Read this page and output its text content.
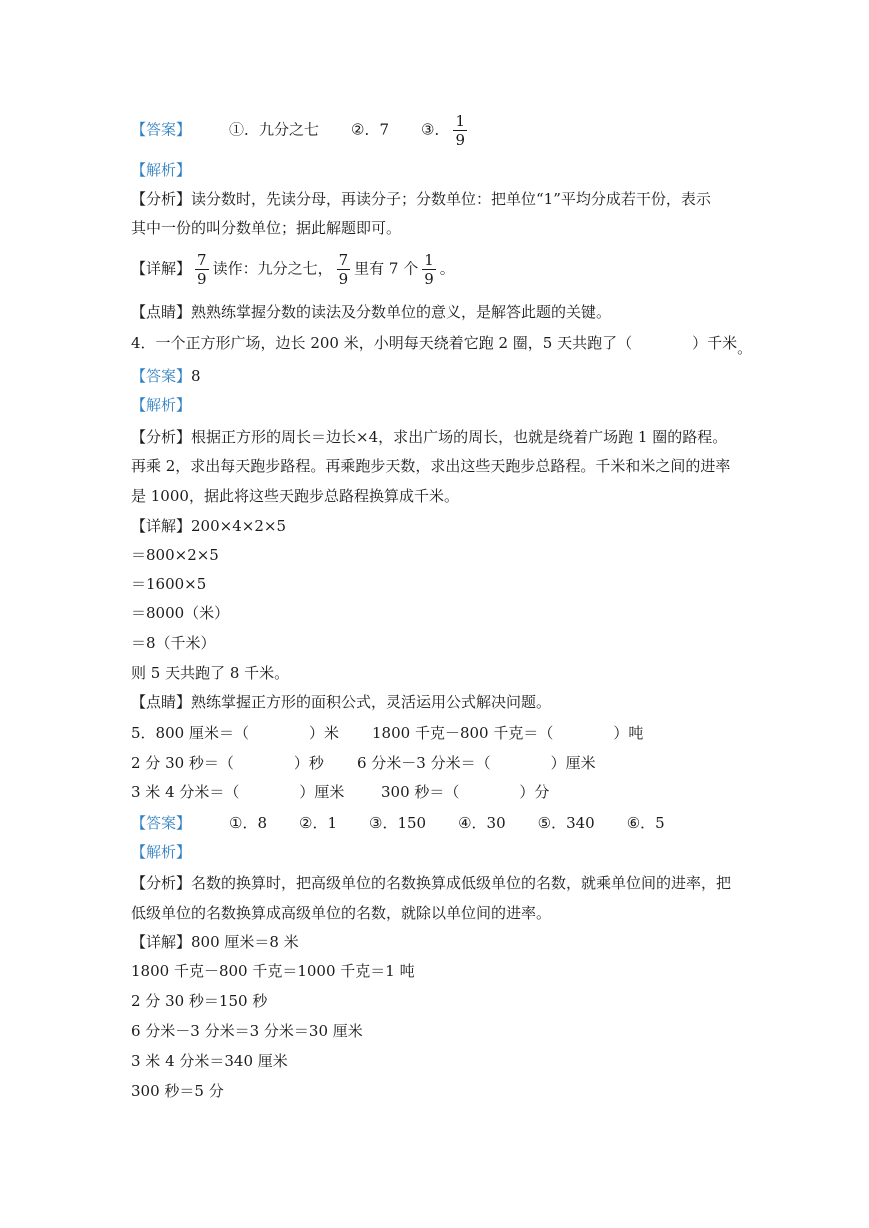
【答案】	①．九分之七 ②．7 ③． $\frac{1}{9}$
【解析】
【分析】读分数时，先读分母，再读分子；分数单位：把单位“1”平均分成若干份，表示
其中一份的叫分数单位；据此解题即可。
【详解】 $\frac{7}{9}$ 读作：九分之七， $\frac{7}{9}$ 里有 7 个 $\frac{1}{9}$ 。
【点睛】熟熟练掌握分数的读法及分数单位的意义，是解答此题的关键。
4．一个正方形广场，边长 200 米，小明每天绕着它跑 2 圈，5 天共跑了（　　　　）千米。
【答案】8
【解析】
【分析】根据正方形的周长＝边长×4，求出广场的周长，也就是绕着广场跑 1 圈的路程。
再乘 2，求出每天跑步路程。再乘跑步天数，求出这些天跑步总路程。千米和米之间的进率
是 1000，据此将这些天跑步总路程换算成千米。
【详解】200×4×2×5
＝800×2×5
＝1600×5
＝8000（米）
＝8（千米）
则 5 天共跑了 8 千米。
【点睛】熟练掌握正方形的面积公式，灵活运用公式解决问题。
5．800 厘米＝（　　　　）米 1800 千克－800 千克＝（　　　　）吨
2 分 30 秒＝（　　　　）秒 6 分米－3 分米＝（　　　　）厘米
3 米 4 分米＝（　　　　）厘米 300 秒＝（　　　　）分
【答案】	①．8 ②．1 ③．150 ④．30 ⑤．340 ⑥．5
【解析】
【分析】名数的换算时，把高级单位的名数换算成低级单位的名数，就乘单位间的进率，把
低级单位的名数换算成高级单位的名数，就除以单位间的进率。
【详解】800 厘米＝8 米
1800 千克－800 千克＝1000 千克＝1 吨
2 分 30 秒＝150 秒
6 分米－3 分米＝3 分米＝30 厘米
3 米 4 分米＝340 厘米
300 秒＝5 分
